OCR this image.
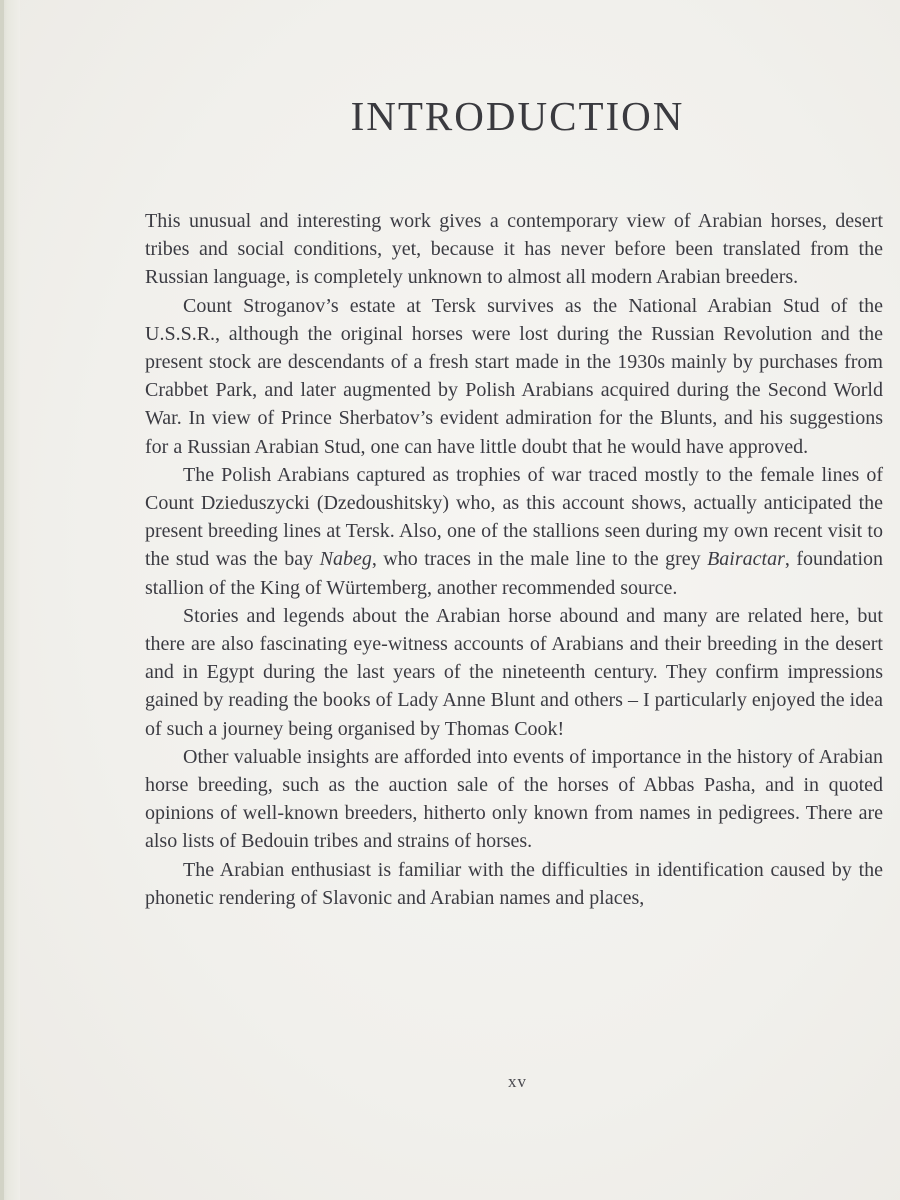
INTRODUCTION

This unusual and interesting work gives a contemporary view of Arabian horses, desert tribes and social conditions, yet, because it has never before been translated from the Russian language, is completely unknown to almost all modern Arabian breeders.

Count Stroganov’s estate at Tersk survives as the National Arabian Stud of the U.S.S.R., although the original horses were lost during the Russian Revolution and the present stock are descendants of a fresh start made in the 1930s mainly by purchases from Crabbet Park, and later augmented by Polish Arabians acquired during the Second World War. In view of Prince Sherbatov’s evident admiration for the Blunts, and his suggestions for a Russian Arabian Stud, one can have little doubt that he would have approved.

The Polish Arabians captured as trophies of war traced mostly to the female lines of Count Dzieduszycki (Dzedoushitsky) who, as this account shows, actually anticipated the present breeding lines at Tersk. Also, one of the stallions seen during my own recent visit to the stud was the bay Nabeg, who traces in the male line to the grey Bairactar, foundation stallion of the King of Würtemberg, another recommended source.

Stories and legends about the Arabian horse abound and many are related here, but there are also fascinating eye-witness accounts of Arabians and their breeding in the desert and in Egypt during the last years of the nineteenth century. They confirm impressions gained by reading the books of Lady Anne Blunt and others – I particularly enjoyed the idea of such a journey being organised by Thomas Cook!

Other valuable insights are afforded into events of importance in the history of Arabian horse breeding, such as the auction sale of the horses of Abbas Pasha, and in quoted opinions of well-known breeders, hitherto only known from names in pedigrees. There are also lists of Bedouin tribes and strains of horses.

The Arabian enthusiast is familiar with the difficulties in identification caused by the phonetic rendering of Slavonic and Arabian names and places,

xv
